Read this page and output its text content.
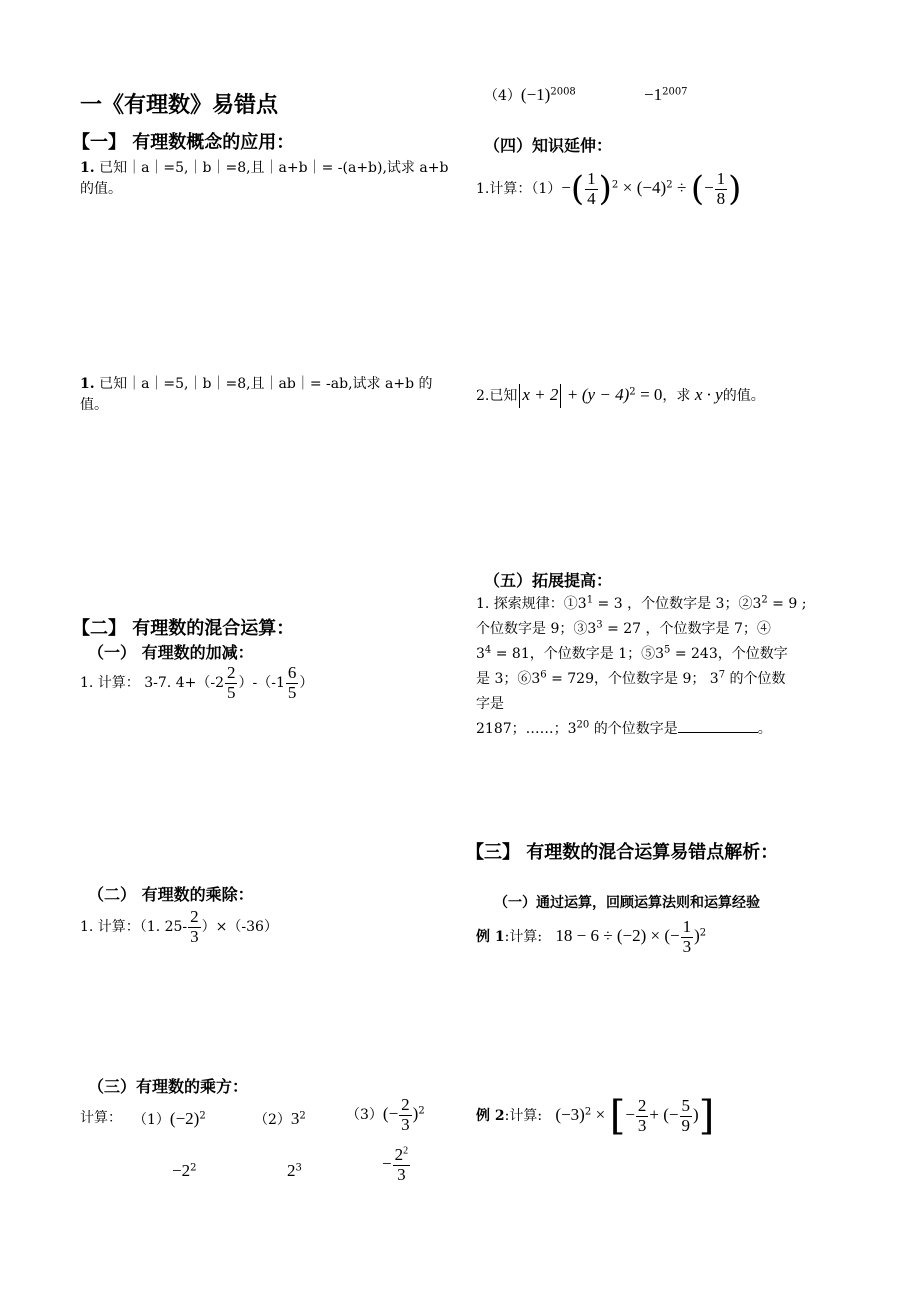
一《有理数》易错点
【一】 有理数概念的应用：
1. 已知｜a｜=5,｜b｜=8,且｜a+b｜= -(a+b),试求 a+b 的值。
1. 已知｜a｜=5,｜b｜=8,且｜ab｜= -ab,试求 a+b 的值。
【二】 有理数的混合运算：
（一） 有理数的加减：
1. 计算： 3-7. $4+(-2 \frac{2}{5} )-(-1 \frac{6}{5}$ ）
（二） 有理数的乘除：
1. 计算：（1. $25- \frac{2}{3} )\times(-36)$
（三）有理数的乘方：
计算： $(1)(-2)^2$	$(2)3^2$	$(3)(- \frac{2}{3} )^2$
$-2^2$	$2^3$	− $\frac{2^2}{3}$
$(4)(-1)^{2008}$	$-1^{2007}$
（四）知识延伸：
1.计算：$(1)-( \frac{1}{4} )^2 \times (-4)^2$ ÷ (− $\frac{1}{8}$ )
2.已知 $x + 2 + (y - 4)^2 = 0$，求 x · y的值。
（五）拓展提高：
1. 探索规律：$①3^1 = 3$ ，个位数字是 3；$②3^2 = 9$ ;
个位数字是 9；$③3^3 = 27$ ，个位数字是 7；④
$3^4 = 81$，个位数字是 1；$⑤3^5 = 243$，个位数字
是 3；$⑥3^6 = 729$，个位数字是 9； $3^7$ 的个位数
字是
2187；……；$3^{20}$ 的个位数字是	。
【三】 有理数的混合运算易错点解析：
（一）通过运算，回顾运算法则和运算经验
例 1:计算: 18 − 6 ÷ (−2) × (− $\frac{1}{3} )^2$
例 2:计算: $(-3)^2$ × [− $\frac{2}{3}$ + (− $\frac{5}{9}$ )]
